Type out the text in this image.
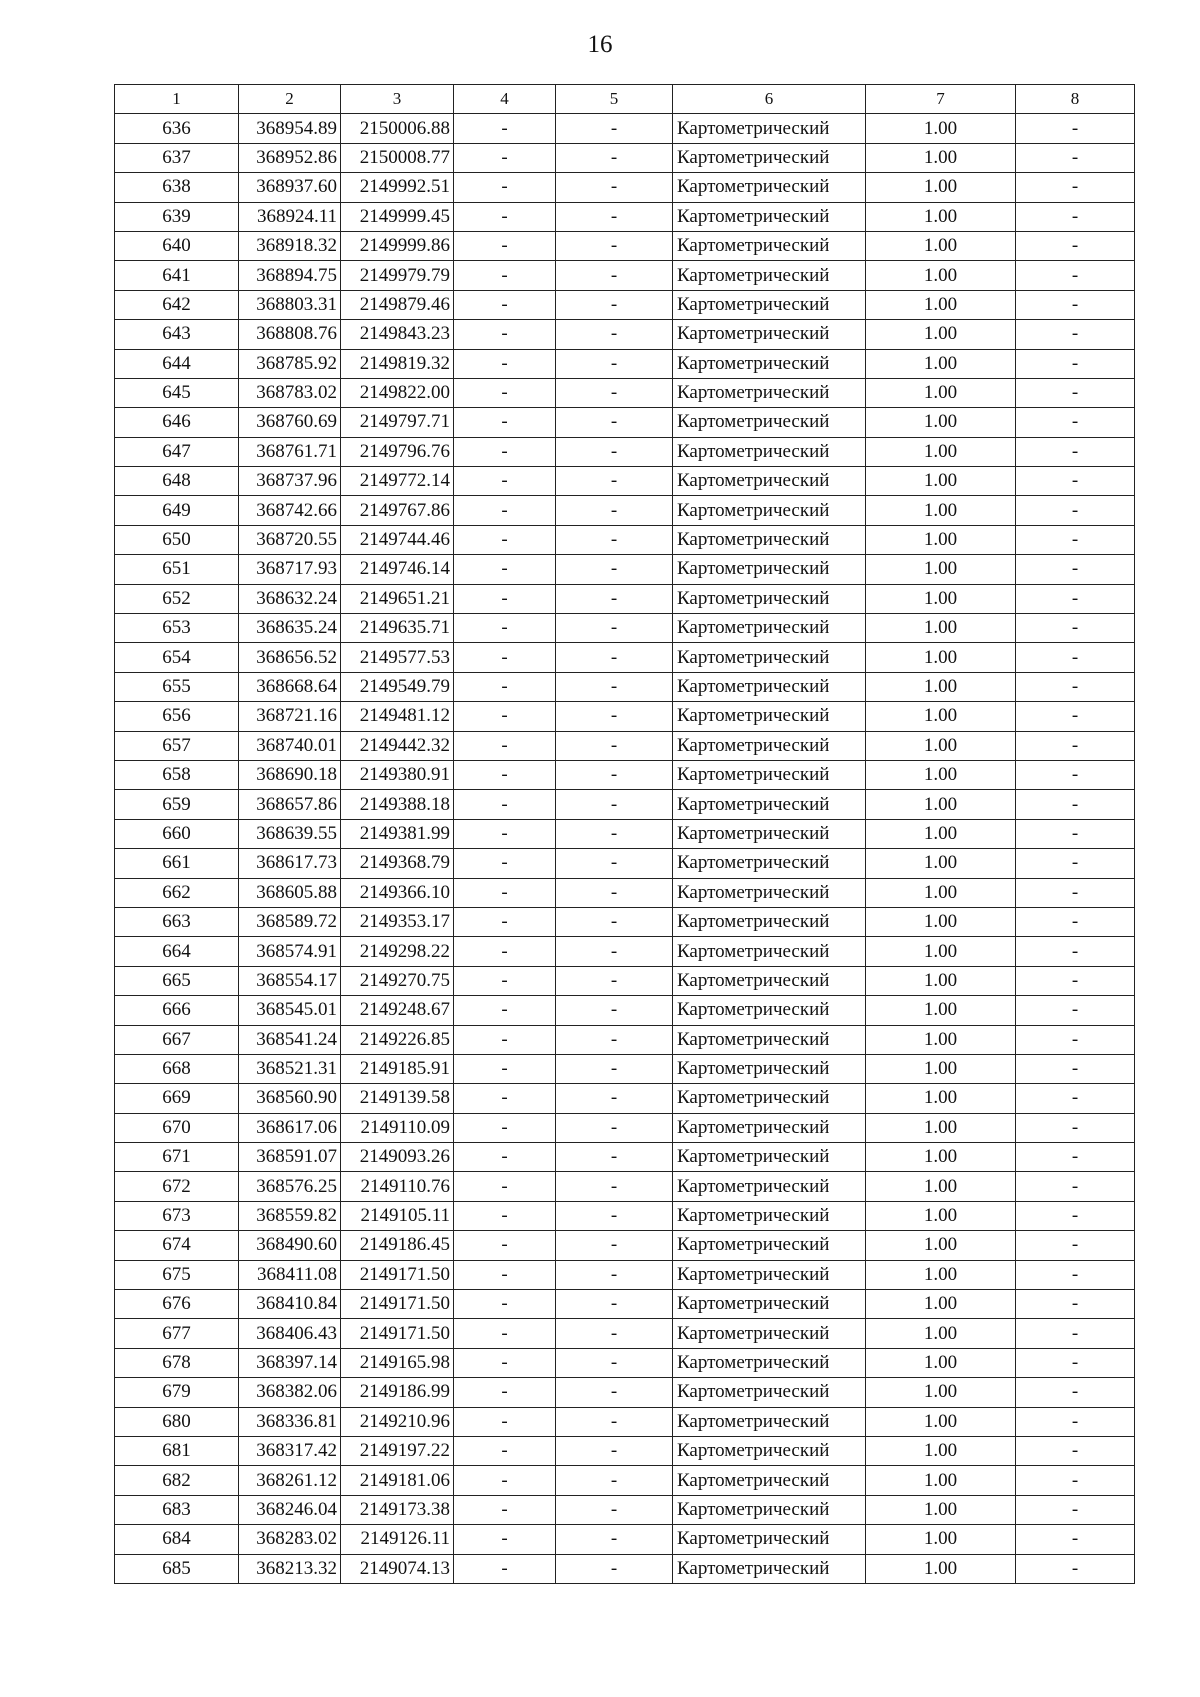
16
1	2	3	4	5	6	7	8
636	368954.89	2150006.88	-	-	Картометрический	1.00	-
637	368952.86	2150008.77	-	-	Картометрический	1.00	-
638	368937.60	2149992.51	-	-	Картометрический	1.00	-
639	368924.11	2149999.45	-	-	Картометрический	1.00	-
640	368918.32	2149999.86	-	-	Картометрический	1.00	-
641	368894.75	2149979.79	-	-	Картометрический	1.00	-
642	368803.31	2149879.46	-	-	Картометрический	1.00	-
643	368808.76	2149843.23	-	-	Картометрический	1.00	-
644	368785.92	2149819.32	-	-	Картометрический	1.00	-
645	368783.02	2149822.00	-	-	Картометрический	1.00	-
646	368760.69	2149797.71	-	-	Картометрический	1.00	-
647	368761.71	2149796.76	-	-	Картометрический	1.00	-
648	368737.96	2149772.14	-	-	Картометрический	1.00	-
649	368742.66	2149767.86	-	-	Картометрический	1.00	-
650	368720.55	2149744.46	-	-	Картометрический	1.00	-
651	368717.93	2149746.14	-	-	Картометрический	1.00	-
652	368632.24	2149651.21	-	-	Картометрический	1.00	-
653	368635.24	2149635.71	-	-	Картометрический	1.00	-
654	368656.52	2149577.53	-	-	Картометрический	1.00	-
655	368668.64	2149549.79	-	-	Картометрический	1.00	-
656	368721.16	2149481.12	-	-	Картометрический	1.00	-
657	368740.01	2149442.32	-	-	Картометрический	1.00	-
658	368690.18	2149380.91	-	-	Картометрический	1.00	-
659	368657.86	2149388.18	-	-	Картометрический	1.00	-
660	368639.55	2149381.99	-	-	Картометрический	1.00	-
661	368617.73	2149368.79	-	-	Картометрический	1.00	-
662	368605.88	2149366.10	-	-	Картометрический	1.00	-
663	368589.72	2149353.17	-	-	Картометрический	1.00	-
664	368574.91	2149298.22	-	-	Картометрический	1.00	-
665	368554.17	2149270.75	-	-	Картометрический	1.00	-
666	368545.01	2149248.67	-	-	Картометрический	1.00	-
667	368541.24	2149226.85	-	-	Картометрический	1.00	-
668	368521.31	2149185.91	-	-	Картометрический	1.00	-
669	368560.90	2149139.58	-	-	Картометрический	1.00	-
670	368617.06	2149110.09	-	-	Картометрический	1.00	-
671	368591.07	2149093.26	-	-	Картометрический	1.00	-
672	368576.25	2149110.76	-	-	Картометрический	1.00	-
673	368559.82	2149105.11	-	-	Картометрический	1.00	-
674	368490.60	2149186.45	-	-	Картометрический	1.00	-
675	368411.08	2149171.50	-	-	Картометрический	1.00	-
676	368410.84	2149171.50	-	-	Картометрический	1.00	-
677	368406.43	2149171.50	-	-	Картометрический	1.00	-
678	368397.14	2149165.98	-	-	Картометрический	1.00	-
679	368382.06	2149186.99	-	-	Картометрический	1.00	-
680	368336.81	2149210.96	-	-	Картометрический	1.00	-
681	368317.42	2149197.22	-	-	Картометрический	1.00	-
682	368261.12	2149181.06	-	-	Картометрический	1.00	-
683	368246.04	2149173.38	-	-	Картометрический	1.00	-
684	368283.02	2149126.11	-	-	Картометрический	1.00	-
685	368213.32	2149074.13	-	-	Картометрический	1.00	-
